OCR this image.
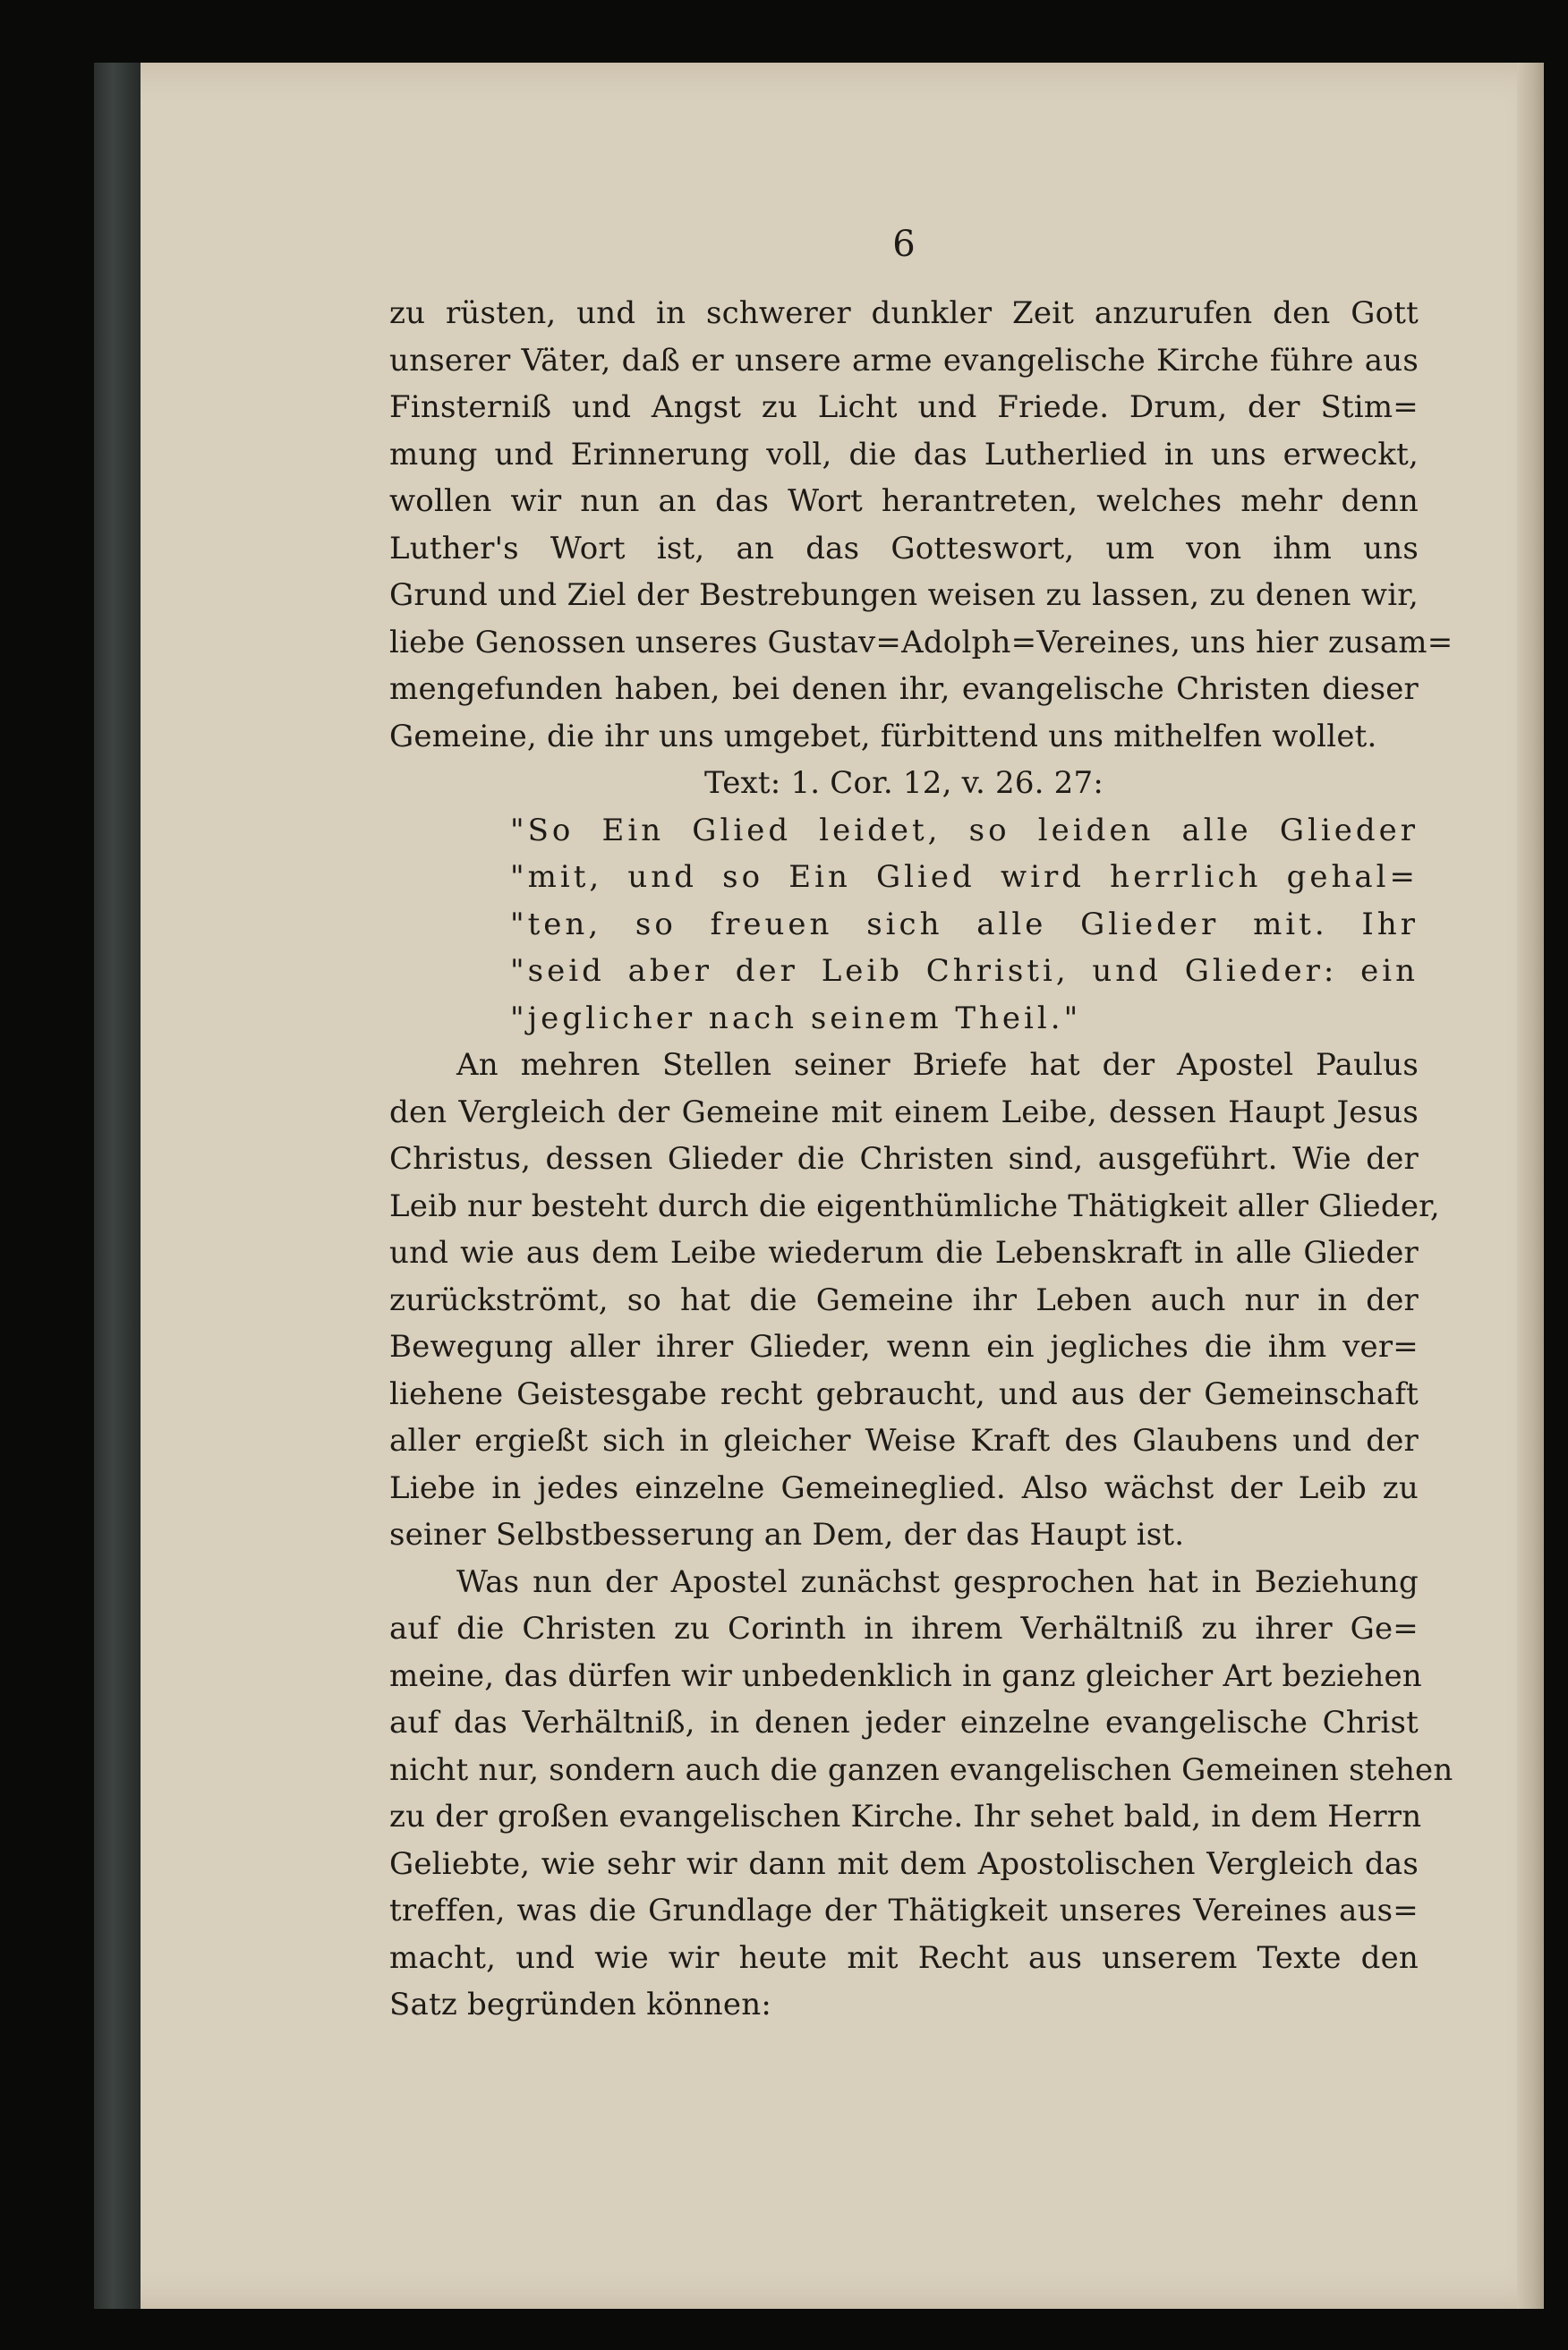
6
zu rüsten, und in schwerer dunkler Zeit anzurufen den Gott
unserer Väter, daß er unsere arme evangelische Kirche führe aus
Finsterniß und Angst zu Licht und Friede. Drum, der Stim=
mung und Erinnerung voll, die das Lutherlied in uns erweckt,
wollen wir nun an das Wort herantreten, welches mehr denn
Luther's Wort ist, an das Gotteswort, um von ihm uns
Grund und Ziel der Bestrebungen weisen zu lassen, zu denen wir,
liebe Genossen unseres Gustav=Adolph=Vereines, uns hier zusam=
mengefunden haben, bei denen ihr, evangelische Christen dieser
Gemeine, die ihr uns umgebet, fürbittend uns mithelfen wollet.
Text: 1. Cor. 12, v. 26. 27:
"So Ein Glied leidet, so leiden alle Glieder
"mit, und so Ein Glied wird herrlich gehal=
"ten, so freuen sich alle Glieder mit. Ihr
"seid aber der Leib Christi, und Glieder: ein
"jeglicher nach seinem Theil."
An mehren Stellen seiner Briefe hat der Apostel Paulus
den Vergleich der Gemeine mit einem Leibe, dessen Haupt Jesus
Christus, dessen Glieder die Christen sind, ausgeführt. Wie der
Leib nur besteht durch die eigenthümliche Thätigkeit aller Glieder,
und wie aus dem Leibe wiederum die Lebenskraft in alle Glieder
zurückströmt, so hat die Gemeine ihr Leben auch nur in der
Bewegung aller ihrer Glieder, wenn ein jegliches die ihm ver=
liehene Geistesgabe recht gebraucht, und aus der Gemeinschaft
aller ergießt sich in gleicher Weise Kraft des Glaubens und der
Liebe in jedes einzelne Gemeineglied. Also wächst der Leib zu
seiner Selbstbesserung an Dem, der das Haupt ist.
Was nun der Apostel zunächst gesprochen hat in Beziehung
auf die Christen zu Corinth in ihrem Verhältniß zu ihrer Ge=
meine, das dürfen wir unbedenklich in ganz gleicher Art beziehen
auf das Verhältniß, in denen jeder einzelne evangelische Christ
nicht nur, sondern auch die ganzen evangelischen Gemeinen stehen
zu der großen evangelischen Kirche. Ihr sehet bald, in dem Herrn
Geliebte, wie sehr wir dann mit dem Apostolischen Vergleich das
treffen, was die Grundlage der Thätigkeit unseres Vereines aus=
macht, und wie wir heute mit Recht aus unserem Texte den
Satz begründen können:
